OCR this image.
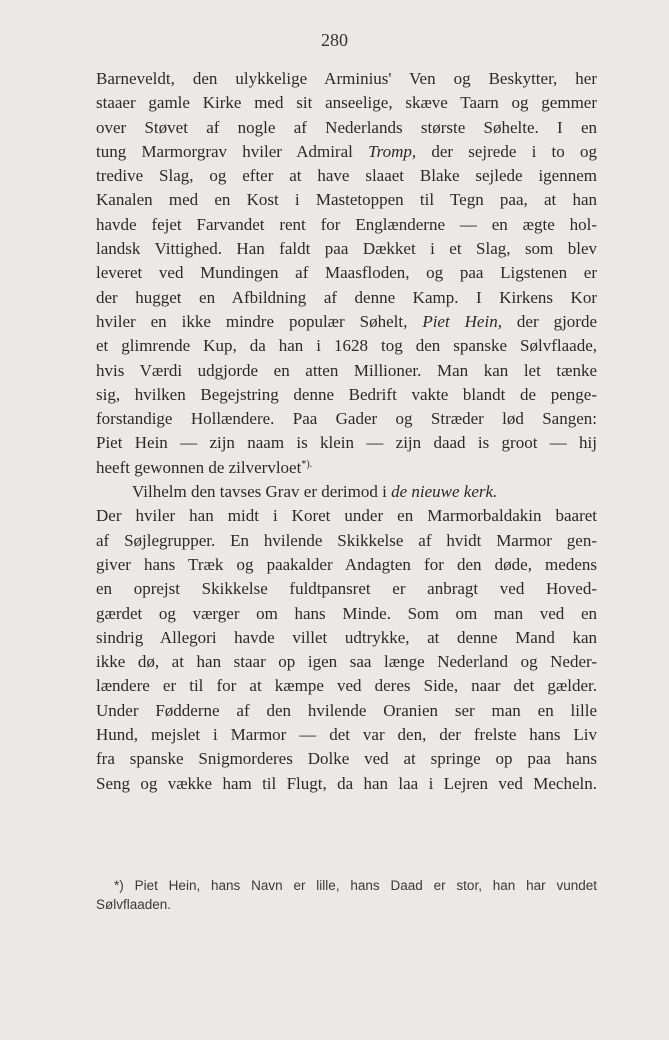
280
Barneveldt, den ulykkelige Arminius' Ven og Beskytter, her
staaer gamle Kirke med sit anseelige, skæve Taarn og gemmer
over Støvet af nogle af Nederlands største Søhelte. I en
tung Marmorgrav hviler Admiral Tromp, der sejrede i to og
tredive Slag, og efter at have slaaet Blake sejlede igennem
Kanalen med en Kost i Mastetoppen til Tegn paa, at han
havde fejet Farvandet rent for Englænderne — en ægte hol-
landsk Vittighed. Han faldt paa Dækket i et Slag, som blev
leveret ved Mundingen af Maasfloden, og paa Ligstenen er
der hugget en Afbildning af denne Kamp. I Kirkens Kor
hviler en ikke mindre populær Søhelt, Piet Hein, der gjorde
et glimrende Kup, da han i 1628 tog den spanske Sølvflaade,
hvis Værdi udgjorde en atten Millioner. Man kan let tænke
sig, hvilken Begejstring denne Bedrift vakte blandt de penge-
forstandige Hollændere. Paa Gader og Stræder lød Sangen:
Piet Hein — zijn naam is klein — zijn daad is groot — hij
heeft gewonnen de zilvervloet*).
Vilhelm den tavses Grav er derimod i de nieuwe kerk.
Der hviler han midt i Koret under en Marmorbaldakin baaret
af Søjlegrupper. En hvilende Skikkelse af hvidt Marmor gen-
giver hans Træk og paakalder Andagten for den døde, medens
en oprejst Skikkelse fuldtpansret er anbragt ved Hoved-
gærdet og værger om hans Minde. Som om man ved en
sindrig Allegori havde villet udtrykke, at denne Mand kan
ikke dø, at han staar op igen saa længe Nederland og Neder-
lændere er til for at kæmpe ved deres Side, naar det gælder.
Under Fødderne af den hvilende Oranien ser man en lille
Hund, mejslet i Marmor — det var den, der frelste hans Liv
fra spanske Snigmorderes Dolke ved at springe op paa hans
Seng og vække ham til Flugt, da han laa i Lejren ved Mecheln.
*) Piet Hein, hans Navn er lille, hans Daad er stor, han har vundet
Sølvflaaden.
